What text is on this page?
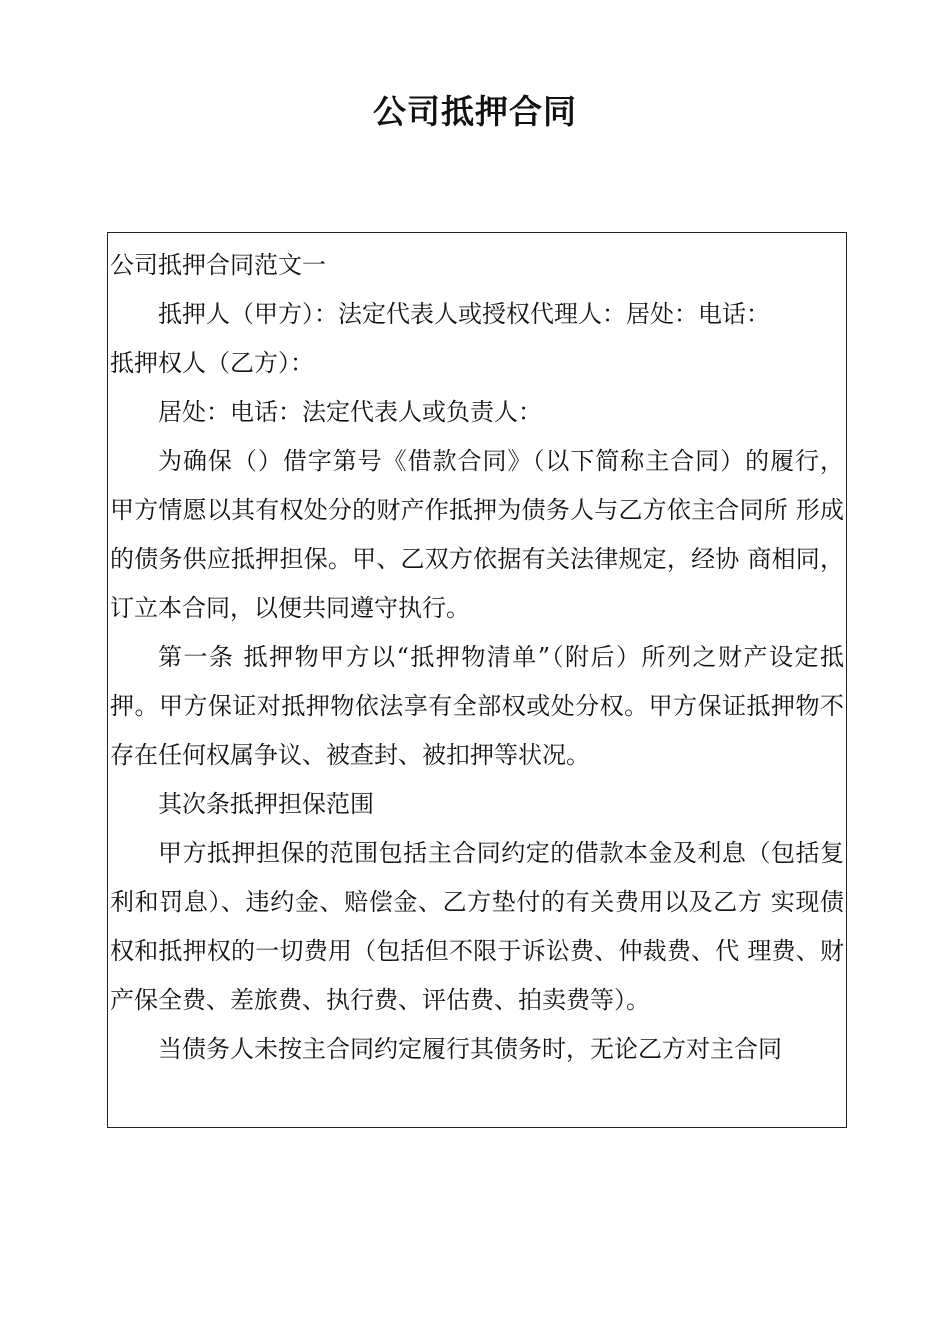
公司抵押合同

公司抵押合同范文一

抵押人（甲方）：法定代表人或授权代理人：居处：电话：

抵押权人（乙方）：

居处：电话：法定代表人或负责人：

为确保（）借字第号《借款合同》（以下简称主合同）的履行， 甲方情愿以其有权处分的财产作抵押为债务人与乙方依主合同所 形成的债务供应抵押担保。甲、乙双方依据有关法律规定，经协 商相同，订立本合同，以便共同遵守执行。

第一条 抵押物甲方以“抵押物清单”（附后）所列之财产设定抵押。甲方保证对抵押物依法享有全部权或处分权。甲方保证抵押物不存在任何权属争议、被查封、被扣押等状况。

其次条抵押担保范围

甲方抵押担保的范围包括主合同约定的借款本金及利息（包括复利和罚息）、违约金、赔偿金、乙方垫付的有关费用以及乙方 实现债权和抵押权的一切费用（包括但不限于诉讼费、仲裁费、代 理费、财产保全费、差旅费、执行费、评估费、拍卖费等）。

当债务人未按主合同约定履行其债务时，无论乙方对主合同
